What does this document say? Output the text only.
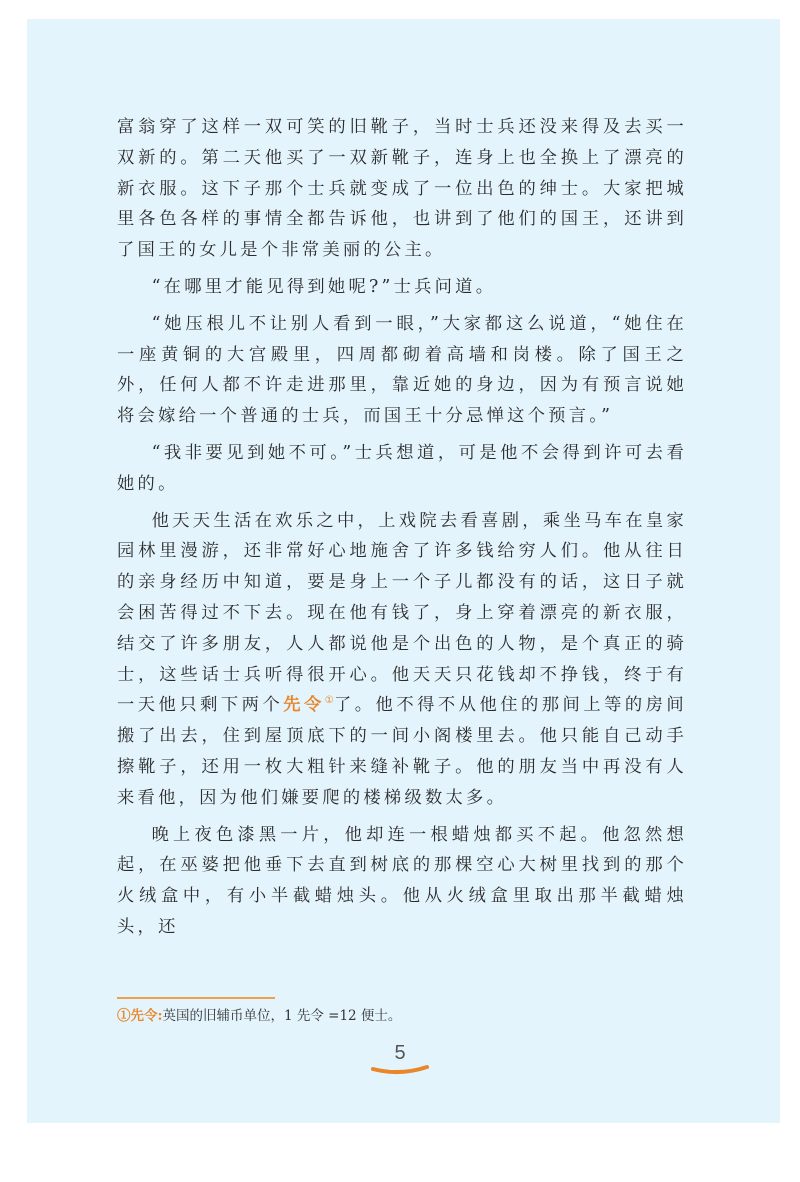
富翁穿了这样一双可笑的旧靴子，当时士兵还没来得及去买一双新的。第二天他买了一双新靴子，连身上也全换上了漂亮的新衣服。这下子那个士兵就变成了一位出色的绅士。大家把城里各色各样的事情全都告诉他，也讲到了他们的国王，还讲到了国王的女儿是个非常美丽的公主。

“在哪里才能见得到她呢?”士兵问道。

“她压根儿不让别人看到一眼，”大家都这么说道，“她住在一座黄铜的大宫殿里，四周都砌着高墙和岗楼。除了国王之外，任何人都不许走进那里，靠近她的身边，因为有预言说她将会嫁给一个普通的士兵，而国王十分忌惮这个预言。”

“我非要见到她不可。”士兵想道，可是他不会得到许可去看她的。

他天天生活在欢乐之中，上戏院去看喜剧，乘坐马车在皇家园林里漫游，还非常好心地施舍了许多钱给穷人们。他从往日的亲身经历中知道，要是身上一个子儿都没有的话，这日子就会困苦得过不下去。现在他有钱了，身上穿着漂亮的新衣服，结交了许多朋友，人人都说他是个出色的人物，是个真正的骑士，这些话士兵听得很开心。他天天只花钱却不挣钱，终于有一天他只剩下两个先令①了。他不得不从他住的那间上等的房间搬了出去，住到屋顶底下的一间小阁楼里去。他只能自己动手擦靴子，还用一枚大粗针来缝补靴子。他的朋友当中再没有人来看他，因为他们嫌要爬的楼梯级数太多。

晚上夜色漆黑一片，他却连一根蜡烛都买不起。他忽然想起，在巫婆把他垂下去直到树底的那棵空心大树里找到的那个火绒盒中，有小半截蜡烛头。他从火绒盒里取出那半截蜡烛头，还

①先令:英国的旧辅币单位，1 先令 =12 便士。
5
